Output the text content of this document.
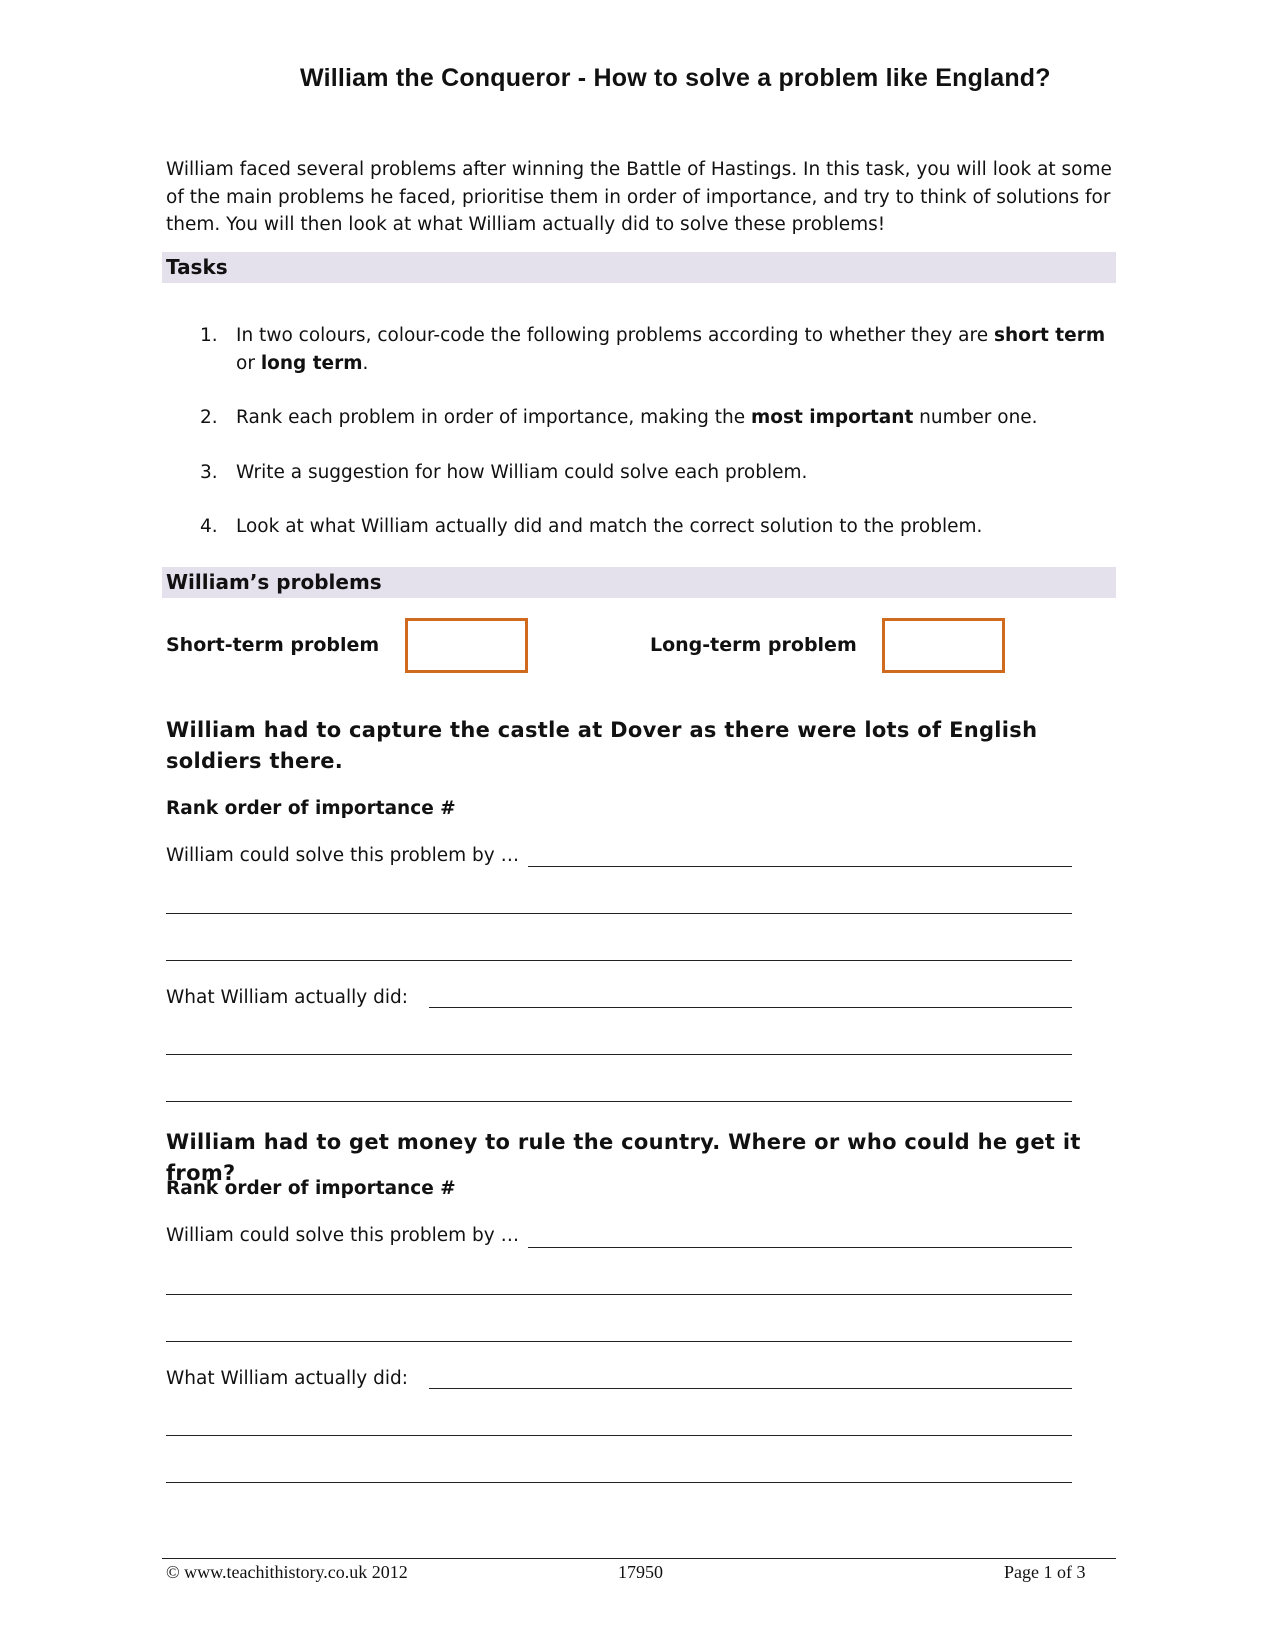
William the Conqueror - How to solve a problem like England?

William faced several problems after winning the Battle of Hastings. In this task, you will look at some of the main problems he faced, prioritise them in order of importance, and try to think of solutions for them. You will then look at what William actually did to solve these problems!

Tasks
1. In two colours, colour-code the following problems according to whether they are short term or long term.
2. Rank each problem in order of importance, making the most important number one.
3. Write a suggestion for how William could solve each problem.
4. Look at what William actually did and match the correct solution to the problem.
William’s problems
Short-term problem	Long-term problem
William had to capture the castle at Dover as there were lots of English soldiers there.
Rank order of importance #
William could solve this problem by …
What William actually did:
William had to get money to rule the country. Where or who could he get it from?
Rank order of importance #
William could solve this problem by …
What William actually did:
© www.teachithistory.co.uk 2012	17950	Page 1 of 3
